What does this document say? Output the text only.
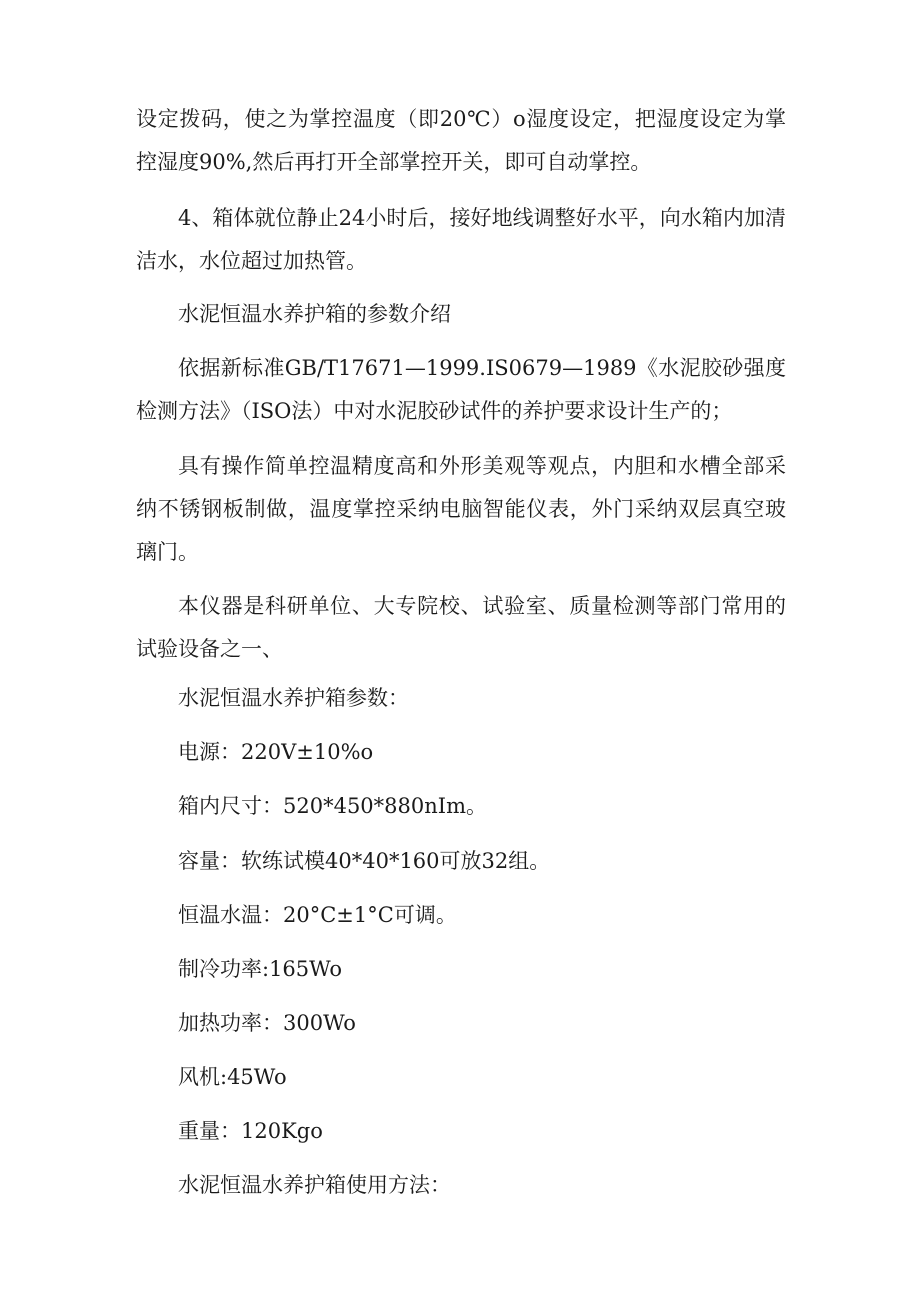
设定拨码，使之为掌控温度（即20℃）o湿度设定，把湿度设定为掌控湿度90%,然后再打开全部掌控开关，即可自动掌控。

4、箱体就位静止24小时后，接好地线调整好水平，向水箱内加清洁水，水位超过加热管。

水泥恒温水养护箱的参数介绍

依据新标准GB/T17671—1999.IS0679—1989《水泥胶砂强度检测方法》（ISO法）中对水泥胶砂试件的养护要求设计生产的；

具有操作简单控温精度高和外形美观等观点，内胆和水槽全部采纳不锈钢板制做，温度掌控采纳电脑智能仪表，外门采纳双层真空玻璃门。

本仪器是科研单位、大专院校、试验室、质量检测等部门常用的试验设备之一、

水泥恒温水养护箱参数：

电源：220V±10%o

箱内尺寸：520*450*880nIm。

容量：软练试模40*40*160可放32组。

恒温水温：20°C±1°C可调。

制冷功率:165Wo

加热功率：300Wo

风机:45Wo

重量：120Kgo

水泥恒温水养护箱使用方法：
